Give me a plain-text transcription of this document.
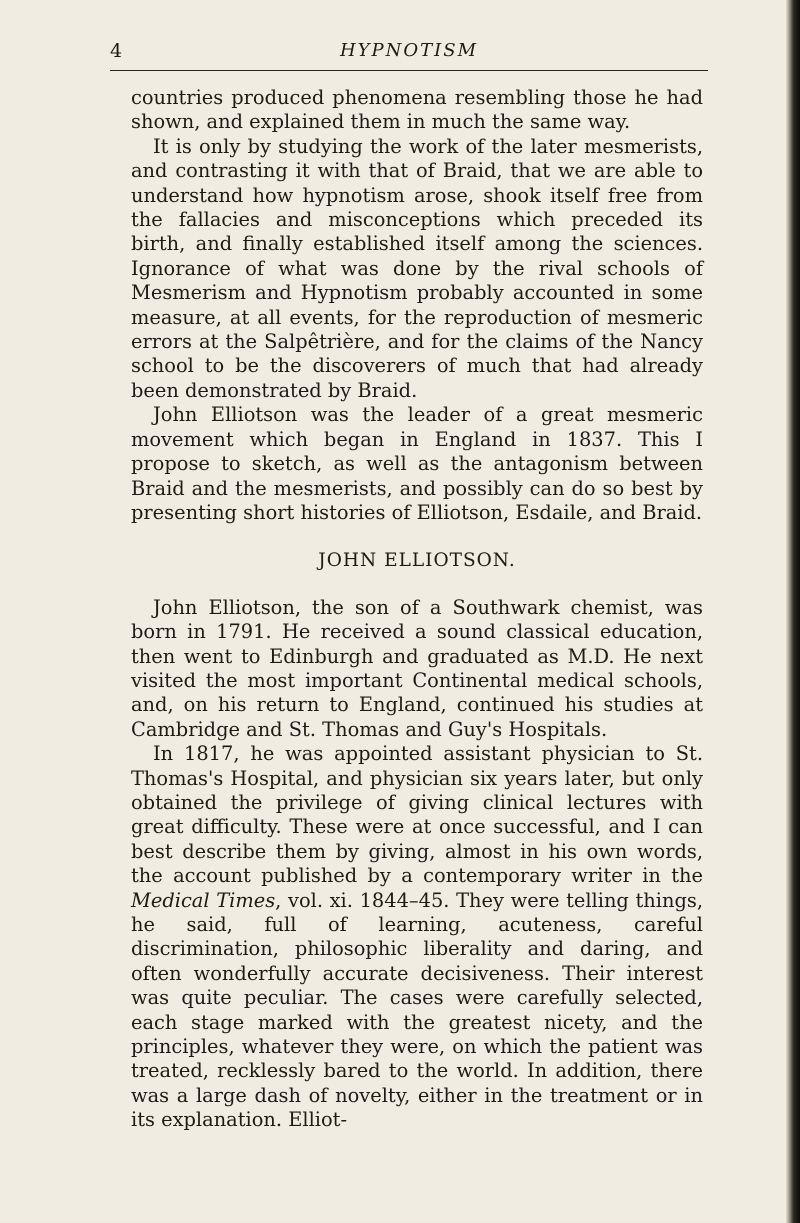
4	HYPNOTISM

countries produced phenomena resembling those he had shown, and explained them in much the same way.

It is only by studying the work of the later mesmerists, and contrasting it with that of Braid, that we are able to understand how hypnotism arose, shook itself free from the fallacies and misconceptions which preceded its birth, and finally established itself among the sciences. Ignorance of what was done by the rival schools of Mesmerism and Hypnotism probably accounted in some measure, at all events, for the reproduction of mesmeric errors at the Salpêtrière, and for the claims of the Nancy school to be the discoverers of much that had already been demonstrated by Braid.

John Elliotson was the leader of a great mesmeric movement which began in England in 1837. This I propose to sketch, as well as the antagonism between Braid and the mesmerists, and possibly can do so best by presenting short histories of Elliotson, Esdaile, and Braid.

JOHN ELLIOTSON.

John Elliotson, the son of a Southwark chemist, was born in 1791. He received a sound classical education, then went to Edinburgh and graduated as M.D. He next visited the most important Continental medical schools, and, on his return to England, continued his studies at Cambridge and St. Thomas and Guy's Hospitals.

In 1817, he was appointed assistant physician to St. Thomas's Hospital, and physician six years later, but only obtained the privilege of giving clinical lectures with great difficulty. These were at once successful, and I can best describe them by giving, almost in his own words, the account published by a contemporary writer in the Medical Times, vol. xi. 1844–45. They were telling things, he said, full of learning, acuteness, careful discrimination, philosophic liberality and daring, and often wonderfully accurate decisiveness. Their interest was quite peculiar. The cases were carefully selected, each stage marked with the greatest nicety, and the principles, whatever they were, on which the patient was treated, recklessly bared to the world. In addition, there was a large dash of novelty, either in the treatment or in its explanation. Elliot-
